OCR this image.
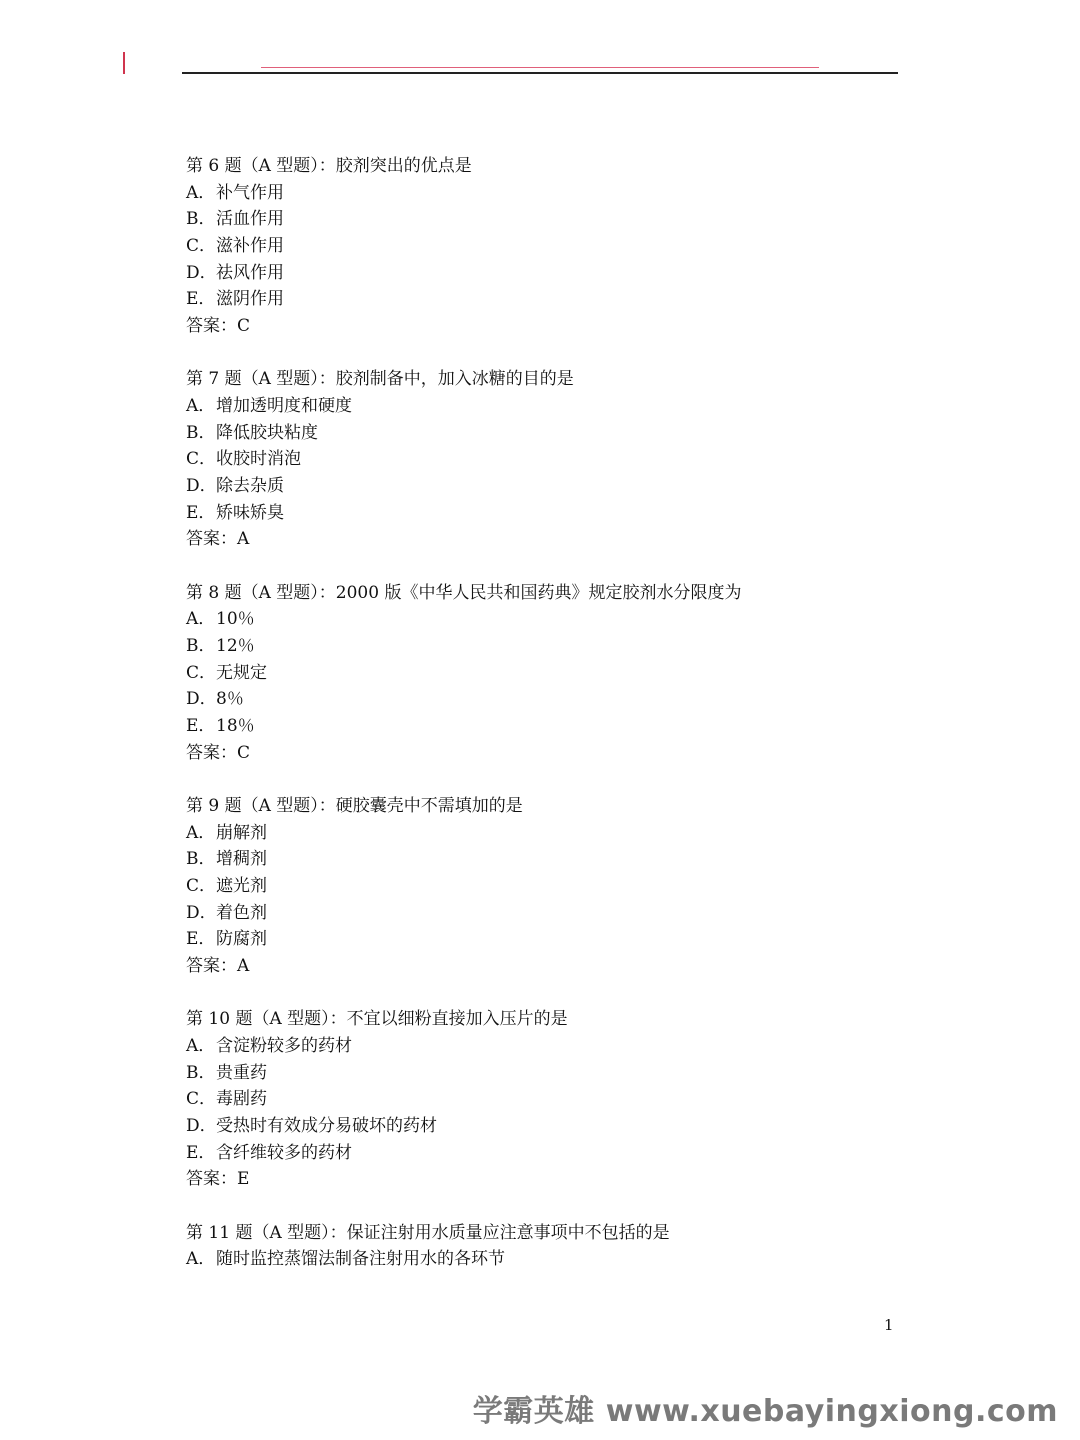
第 6 题（A 型题）：胶剂突出的优点是
A．补气作用
B．活血作用
C．滋补作用
D．祛风作用
E．滋阴作用
答案：C
第 7 题（A 型题）：胶剂制备中，加入冰糖的目的是
A．增加透明度和硬度
B．降低胶块粘度
C．收胶时消泡
D．除去杂质
E．矫味矫臭
答案：A
第 8 题（A 型题）：2000 版《中华人民共和国药典》规定胶剂水分限度为
A．10％
B．12％
C．无规定
D．8％
E．18％
答案：C
第 9 题（A 型题）：硬胶囊壳中不需填加的是
A．崩解剂
B．增稠剂
C．遮光剂
D．着色剂
E．防腐剂
答案：A
第 10 题（A 型题）：不宜以细粉直接加入压片的是
A．含淀粉较多的药材
B．贵重药
C．毒剧药
D．受热时有效成分易破坏的药材
E．含纤维较多的药材
答案：E
第 11 题（A 型题）：保证注射用水质量应注意事项中不包括的是
A．随时监控蒸馏法制备注射用水的各环节
1
学霸英雄 www.xuebayingxiong.com
